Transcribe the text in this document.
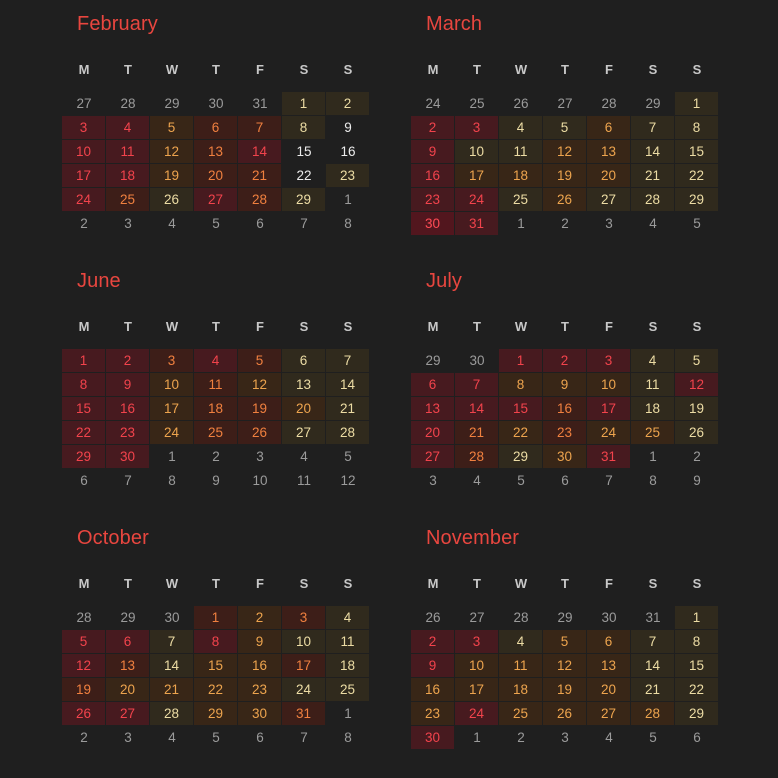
February
M	T	W	T	F	S	S
27	28	29	30	31	1	2
3	4	5	6	7	8	9
10	11	12	13	14	15	16
17	18	19	20	21	22	23
24	25	26	27	28	29	1
2	3	4	5	6	7	8
March
M	T	W	T	F	S	S
24	25	26	27	28	29	1
2	3	4	5	6	7	8
9	10	11	12	13	14	15
16	17	18	19	20	21	22
23	24	25	26	27	28	29
30	31	1	2	3	4	5
June
M	T	W	T	F	S	S
1	2	3	4	5	6	7
8	9	10	11	12	13	14
15	16	17	18	19	20	21
22	23	24	25	26	27	28
29	30	1	2	3	4	5
6	7	8	9	10	11	12
July
M	T	W	T	F	S	S
29	30	1	2	3	4	5
6	7	8	9	10	11	12
13	14	15	16	17	18	19
20	21	22	23	24	25	26
27	28	29	30	31	1	2
3	4	5	6	7	8	9
October
M	T	W	T	F	S	S
28	29	30	1	2	3	4
5	6	7	8	9	10	11
12	13	14	15	16	17	18
19	20	21	22	23	24	25
26	27	28	29	30	31	1
2	3	4	5	6	7	8
November
M	T	W	T	F	S	S
26	27	28	29	30	31	1
2	3	4	5	6	7	8
9	10	11	12	13	14	15
16	17	18	19	20	21	22
23	24	25	26	27	28	29
30	1	2	3	4	5	6
